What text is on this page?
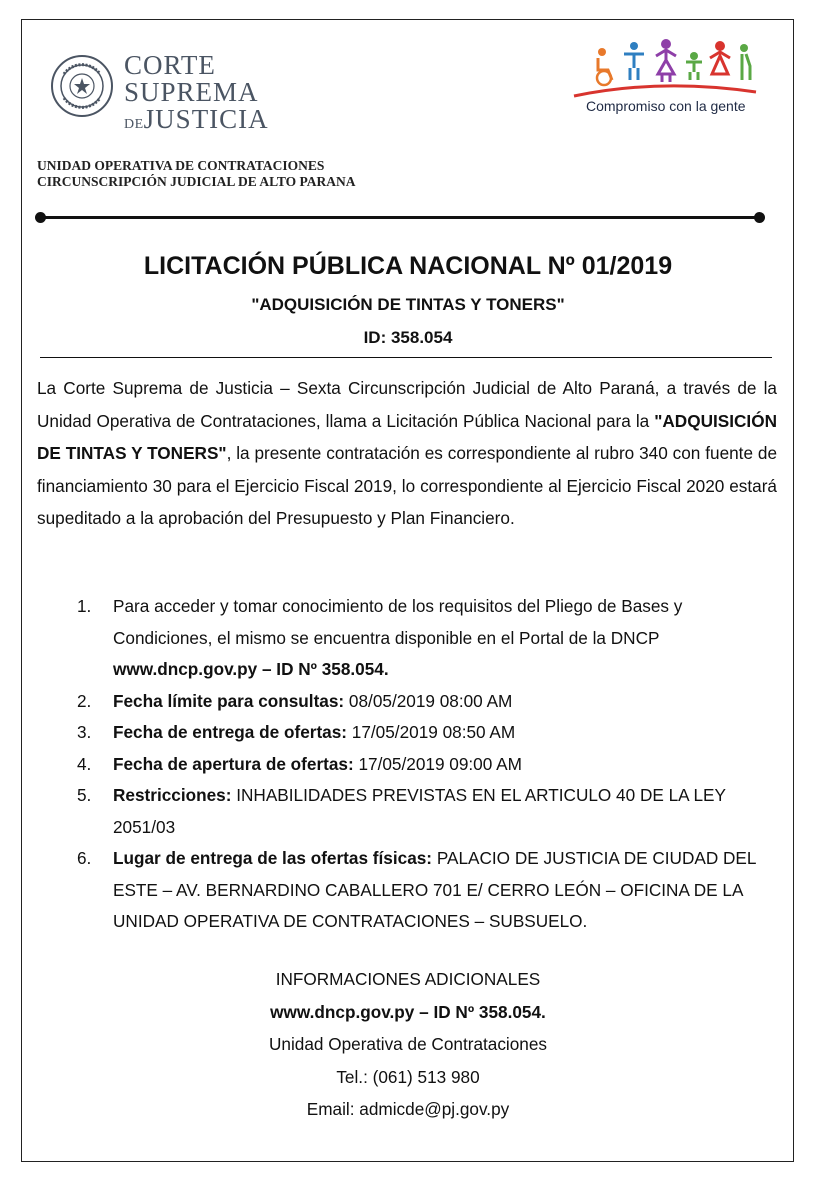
CORTE
SUPREMA
DEJUSTICIA	Compromiso con la gente
UNIDAD OPERATIVA DE CONTRATACIONES
CIRCUNSCRIPCIÓN JUDICIAL DE ALTO PARANA
LICITACIÓN PÚBLICA NACIONAL Nº 01/2019
"ADQUISICIÓN DE TINTAS Y TONERS"
ID: 358.054
La Corte Suprema de Justicia – Sexta Circunscripción Judicial de Alto Paraná, a través de la Unidad Operativa de Contrataciones, llama a Licitación Pública Nacional para la "ADQUISICIÓN DE TINTAS Y TONERS", la presente contratación es correspondiente al rubro 340 con fuente de financiamiento 30 para el Ejercicio Fiscal 2019, lo correspondiente al Ejercicio Fiscal 2020 estará supeditado a la aprobación del Presupuesto y Plan Financiero.
1. Para acceder y tomar conocimiento de los requisitos del Pliego de Bases y Condiciones, el mismo se encuentra disponible en el Portal de la DNCP www.dncp.gov.py – ID Nº 358.054.
2. Fecha límite para consultas: 08/05/2019 08:00 AM
3. Fecha de entrega de ofertas: 17/05/2019 08:50 AM
4. Fecha de apertura de ofertas: 17/05/2019 09:00 AM
5. Restricciones: INHABILIDADES PREVISTAS EN EL ARTICULO 40 DE LA LEY 2051/03
6. Lugar de entrega de las ofertas físicas: PALACIO DE JUSTICIA DE CIUDAD DEL ESTE – AV. BERNARDINO CABALLERO 701 E/ CERRO LEÓN – OFICINA DE LA UNIDAD OPERATIVA DE CONTRATACIONES – SUBSUELO.
INFORMACIONES ADICIONALES
www.dncp.gov.py – ID Nº 358.054.
Unidad Operativa de Contrataciones
Tel.: (061) 513 980
Email: admicde@pj.gov.py
